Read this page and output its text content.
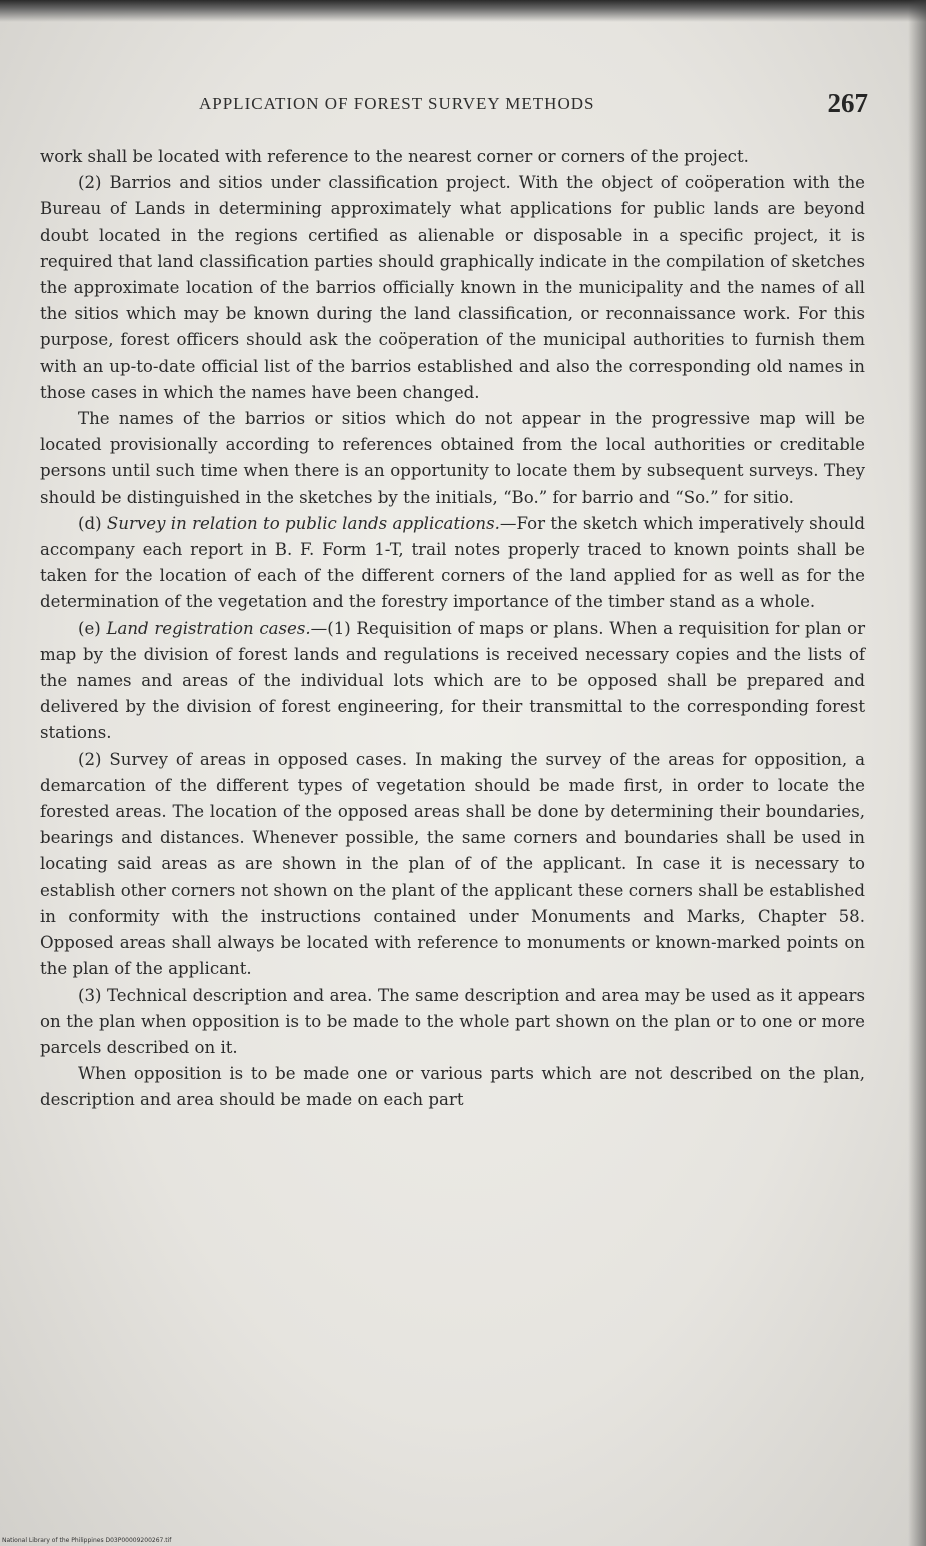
APPLICATION OF FOREST SURVEY METHODS	267

work shall be located with reference to the nearest corner or corners of the project.

(2) Barrios and sitios under classification project. With the object of coöperation with the Bureau of Lands in determining approximately what applications for public lands are beyond doubt located in the regions certified as alienable or disposable in a specific project, it is required that land classification parties should graphically indicate in the compilation of sketches the approximate location of the barrios officially known in the municipality and the names of all the sitios which may be known during the land classification, or reconnaissance work. For this purpose, forest officers should ask the coöperation of the municipal authorities to furnish them with an up-to-date official list of the barrios established and also the corresponding old names in those cases in which the names have been changed.

The names of the barrios or sitios which do not appear in the progressive map will be located provisionally according to references obtained from the local authorities or creditable persons until such time when there is an opportunity to locate them by subsequent surveys. They should be distinguished in the sketches by the initials, “Bo.” for barrio and “So.” for sitio.

(d) Survey in relation to public lands applications.—For the sketch which imperatively should accompany each report in B. F. Form 1-T, trail notes properly traced to known points shall be taken for the location of each of the different corners of the land applied for as well as for the determination of the vegetation and the forestry importance of the timber stand as a whole.

(e) Land registration cases.—(1) Requisition of maps or plans. When a requisition for plan or map by the division of forest lands and regulations is received necessary copies and the lists of the names and areas of the individual lots which are to be opposed shall be prepared and delivered by the division of forest engineering, for their transmittal to the corresponding forest stations.

(2) Survey of areas in opposed cases. In making the survey of the areas for opposition, a demarcation of the different types of vegetation should be made first, in order to locate the forested areas. The location of the opposed areas shall be done by determining their boundaries, bearings and distances. Whenever possible, the same corners and boundaries shall be used in locating said areas as are shown in the plan of of the applicant. In case it is necessary to establish other corners not shown on the plant of the applicant these corners shall be established in conformity with the instructions contained under Monuments and Marks, Chapter 58. Opposed areas shall always be located with reference to monuments or known-marked points on the plan of the applicant.

(3) Technical description and area. The same description and area may be used as it appears on the plan when opposition is to be made to the whole part shown on the plan or to one or more parcels described on it.

When opposition is to be made one or various parts which are not described on the plan, description and area should be made on each part

National Library of the Philippines D03P00009200267.tif
